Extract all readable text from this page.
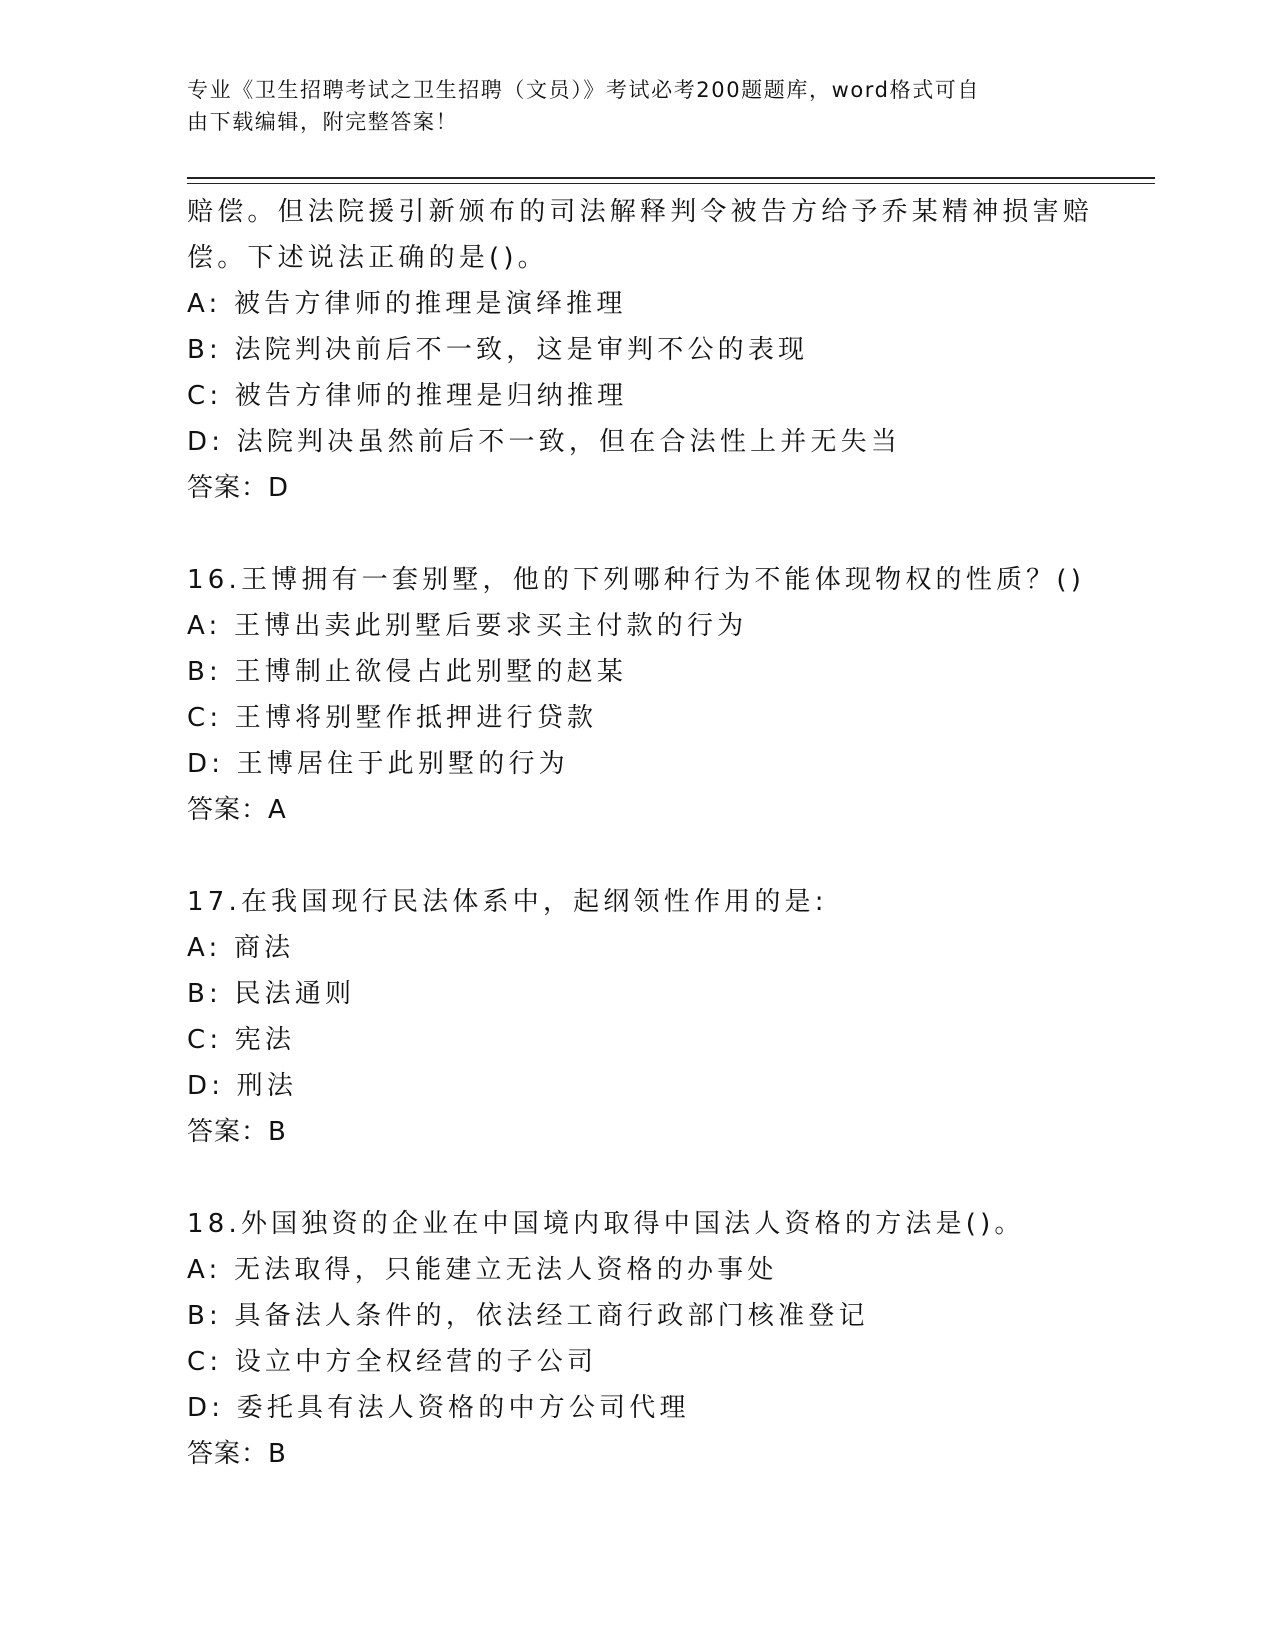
专业《卫生招聘考试之卫生招聘（文员）》考试必考200题题库，word格式可自
由下载编辑，附完整答案！
赔偿。但法院援引新颁布的司法解释判令被告方给予乔某精神损害赔
偿。下述说法正确的是()。
A: 被告方律师的推理是演绎推理
B: 法院判决前后不一致，这是审判不公的表现
C: 被告方律师的推理是归纳推理
D: 法院判决虽然前后不一致，但在合法性上并无失当
答案：D
16.王博拥有一套别墅，他的下列哪种行为不能体现物权的性质？()
A: 王博出卖此别墅后要求买主付款的行为
B: 王博制止欲侵占此别墅的赵某
C: 王博将别墅作抵押进行贷款
D: 王博居住于此别墅的行为
答案：A
17.在我国现行民法体系中，起纲领性作用的是:
A: 商法
B: 民法通则
C: 宪法
D: 刑法
答案：B
18.外国独资的企业在中国境内取得中国法人资格的方法是()。
A: 无法取得，只能建立无法人资格的办事处
B: 具备法人条件的，依法经工商行政部门核准登记
C: 设立中方全权经营的子公司
D: 委托具有法人资格的中方公司代理
答案：B
